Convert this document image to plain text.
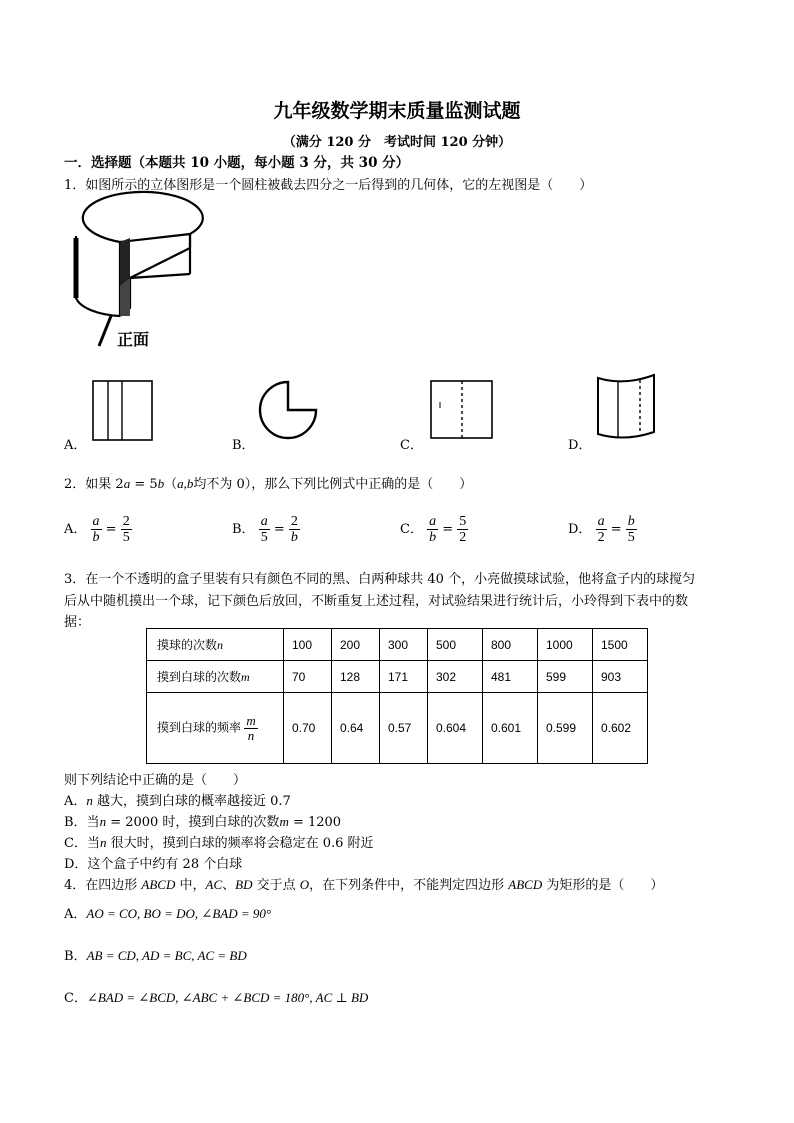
九年级数学期末质量监测试题
（满分 120 分　考试时间 120 分钟）
一．选择题（本题共 10 小题，每小题 3 分，共 30 分）
1．如图所示的立体图形是一个圆柱被截去四分之一后得到的几何体，它的左视图是（　　）
正面
A．	B．	C．	D．
2．如果 2a = 5b（a,b均不为 0），那么下列比例式中正确的是（　　）
A． $\frac{a}{b} = \frac{2}{5}$	B． $\frac{a}{5} = \frac{2}{b}$	C． $\frac{a}{b} = \frac{5}{2}$	D． $\frac{a}{2} = \frac{b}{5}$
3．在一个不透明的盒子里装有只有颜色不同的黑、白两种球共 40 个，小亮做摸球试验，他将盒子内的球搅匀
后从中随机摸出一个球，记下颜色后放回，不断重复上述过程，对试验结果进行统计后，小玲得到下表中的数
据：
摸球的次数n	100	200	300	500	800	1000	1500
摸到白球的次数m	70	128	171	302	481	599	903
摸到白球的频率 $\frac{m}{n}$	0.70	0.64	0.57	0.604	0.601	0.599	0.602
则下列结论中正确的是（　　）
A．n 越大，摸到白球的概率越接近 0.7
B．当n = 2000 时，摸到白球的次数m = 1200
C．当n 很大时，摸到白球的频率将会稳定在 0.6 附近
D．这个盒子中约有 28 个白球
4．在四边形 ABCD 中，AC、BD 交于点 O，在下列条件中，不能判定四边形 ABCD 为矩形的是（　　）
A．AO = CO, BO = DO, ∠BAD = 90°
B．AB = CD, AD = BC, AC = BD
C．∠BAD = ∠BCD, ∠ABC + ∠BCD = 180°, AC ⊥ BD
